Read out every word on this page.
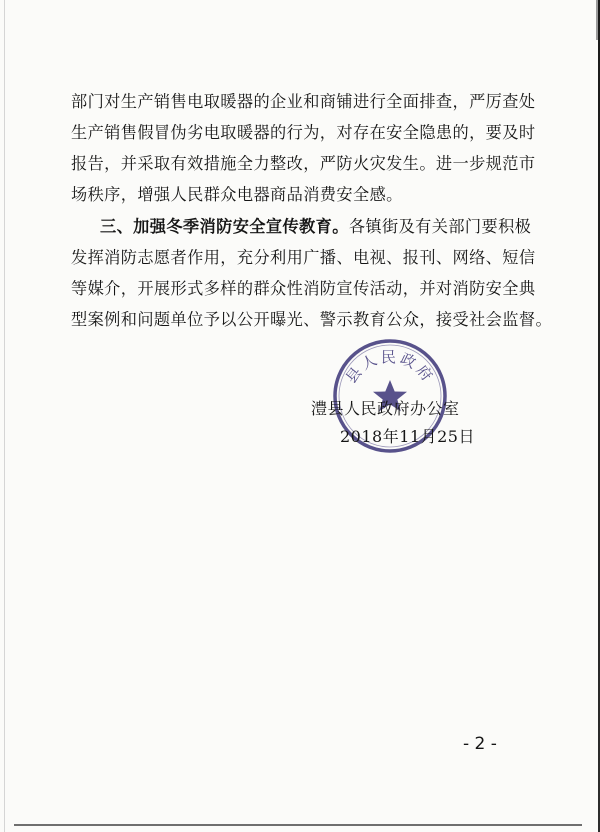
部门对生产销售电取暖器的企业和商铺进行全面排查，严厉查处
生产销售假冒伪劣电取暖器的行为，对存在安全隐患的，要及时
报告，并采取有效措施全力整改，严防火灾发生。进一步规范市
场秩序，增强人民群众电器商品消费安全感。
三、加强冬季消防安全宣传教育。各镇街及有关部门要积极
发挥消防志愿者作用，充分利用广播、电视、报刊、网络、短信
等媒介，开展形式多样的群众性消防宣传活动，并对消防安全典
型案例和问题单位予以公开曝光、警示教育公众，接受社会监督。
县人民政府
澧县人民政府办公室
2018年11月25日
- 2 -
